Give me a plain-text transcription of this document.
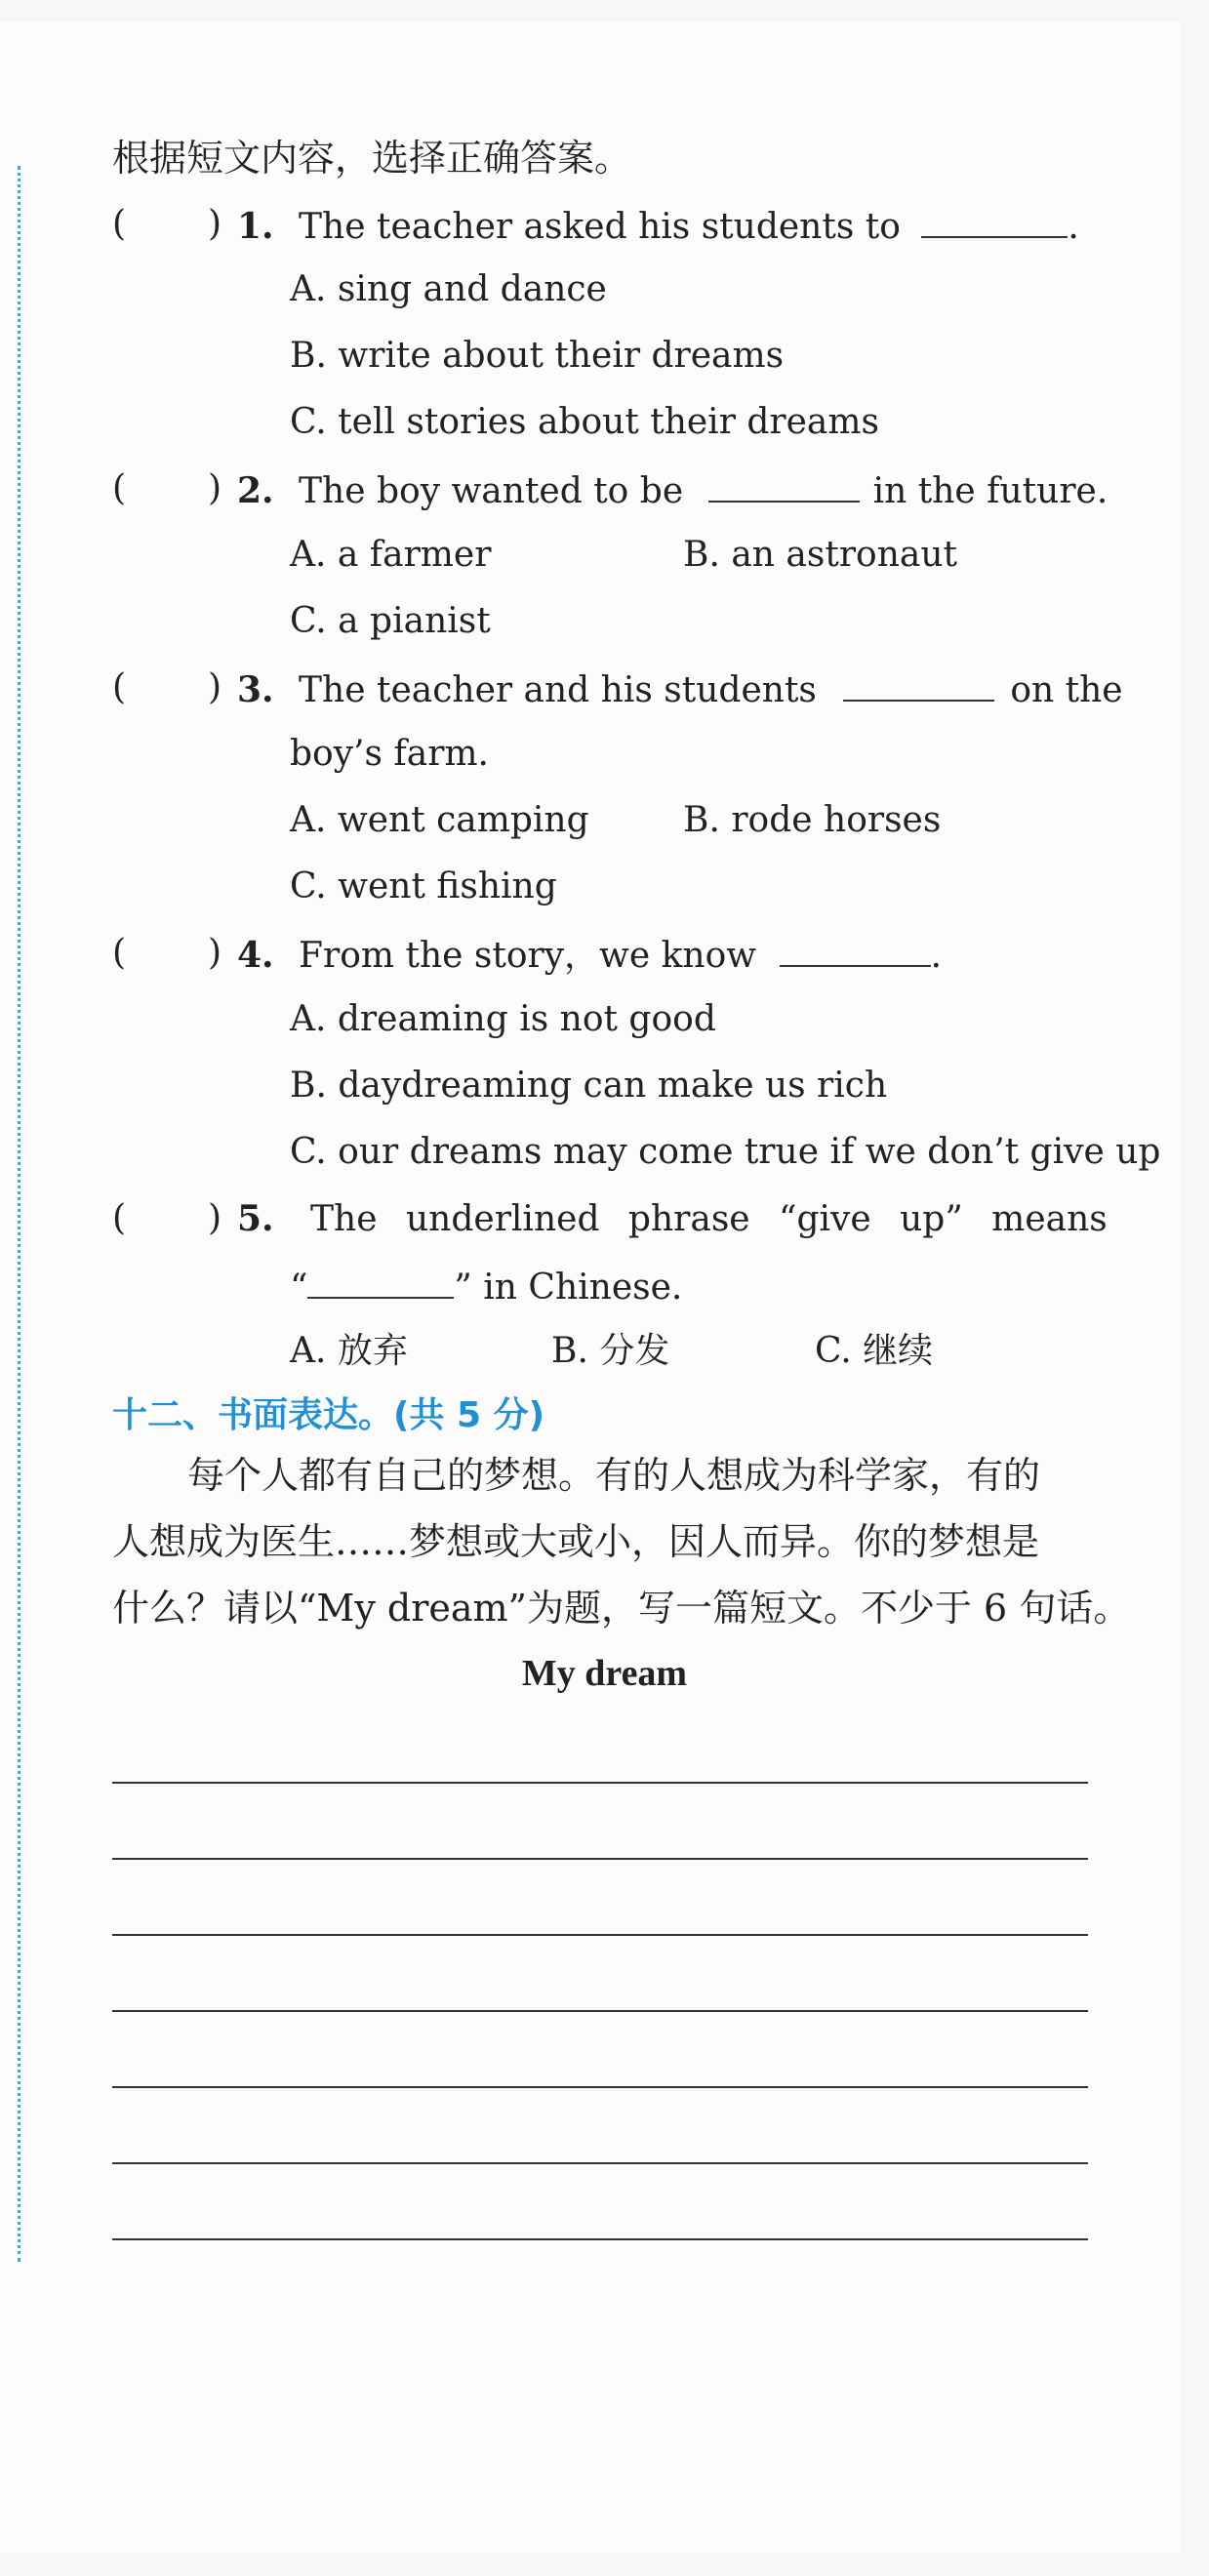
根据短文内容，选择正确答案。
( ) 1. The teacher asked his students to	.
A. sing and dance
B. write about their dreams
C. tell stories about their dreams
( ) 2. The boy wanted to be	in the future.
A. a farmer	B. an astronaut
C. a pianist
( ) 3. The teacher and his students	on the
boy’s farm.
A. went camping	B. rode horses
C. went fishing
( ) 4. From the story，we know	.
A. dreaming is not good
B. daydreaming can make us rich
C. our dreams may come true if we don’t give up
( ) 5. The underlined phrase “give up” means
“	” in Chinese.
A. 放弃	B. 分发	C. 继续
十二、书面表达。(共 5 分)
每个人都有自己的梦想。有的人想成为科学家，有的
人想成为医生……梦想或大或小，因人而异。你的梦想是
什么？请以“My dream”为题，写一篇短文。不少于 6 句话。
My dream
